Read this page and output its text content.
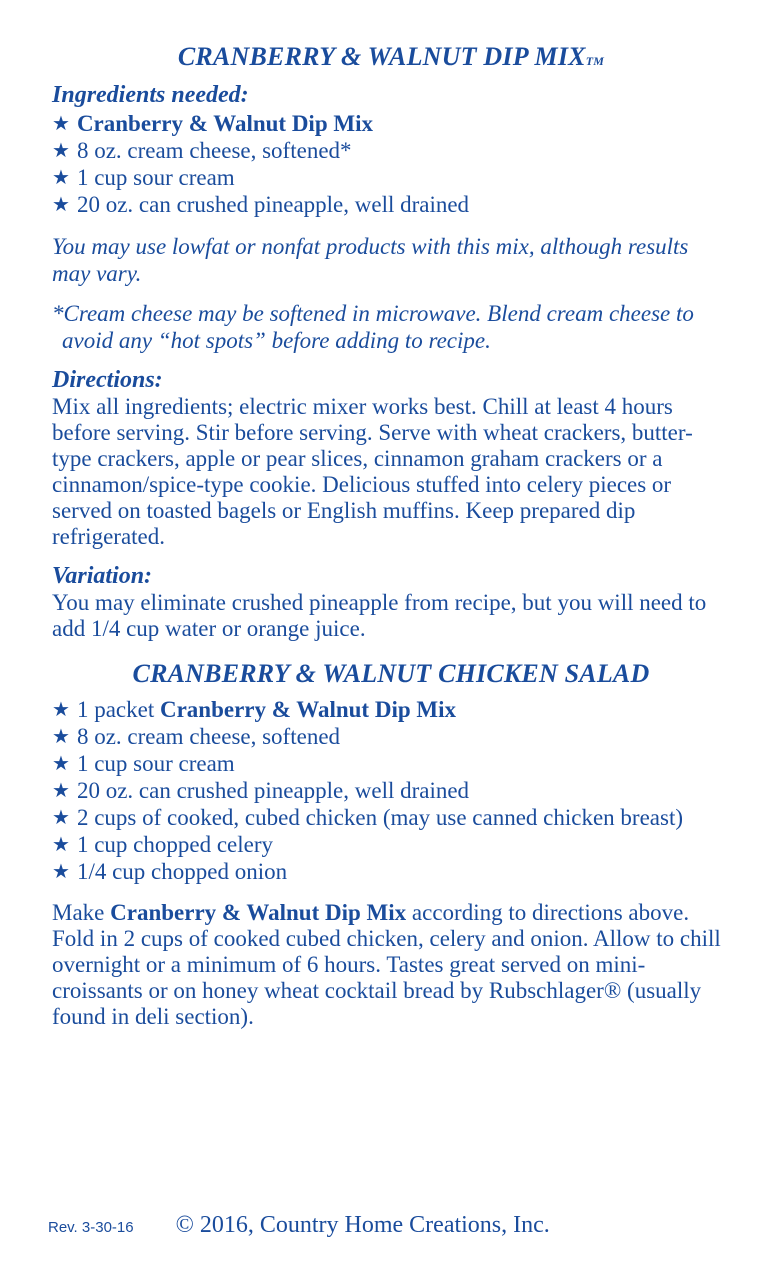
CRANBERRY & WALNUT DIP MIXTM
Ingredients needed:
★ Cranberry & Walnut Dip Mix
★ 8 oz. cream cheese, softened*
★ 1 cup sour cream
★ 20 oz. can crushed pineapple, well drained

You may use lowfat or nonfat products with this mix, although results may vary.

*Cream cheese may be softened in microwave. Blend cream cheese to avoid any “hot spots” before adding to recipe.

Directions:

Mix all ingredients; electric mixer works best. Chill at least 4 hours before serving. Stir before serving. Serve with wheat crackers, butter-type crackers, apple or pear slices, cinnamon graham crackers or a cinnamon/spice-type cookie. Delicious stuffed into celery pieces or served on toasted bagels or English muffins. Keep prepared dip refrigerated.

Variation:

You may eliminate crushed pineapple from recipe, but you will need to add 1/4 cup water or orange juice.

CRANBERRY & WALNUT CHICKEN SALAD
★ 1 packet Cranberry & Walnut Dip Mix
★ 8 oz. cream cheese, softened
★ 1 cup sour cream
★ 20 oz. can crushed pineapple, well drained
★ 2 cups of cooked, cubed chicken (may use canned chicken breast)
★ 1 cup chopped celery
★ 1/4 cup chopped onion

Make Cranberry & Walnut Dip Mix according to directions above. Fold in 2 cups of cooked cubed chicken, celery and onion. Allow to chill overnight or a minimum of 6 hours. Tastes great served on mini-croissants or on honey wheat cocktail bread by Rubschlager® (usually found in deli section).

Rev. 3-30-16 © 2016, Country Home Creations, Inc.
